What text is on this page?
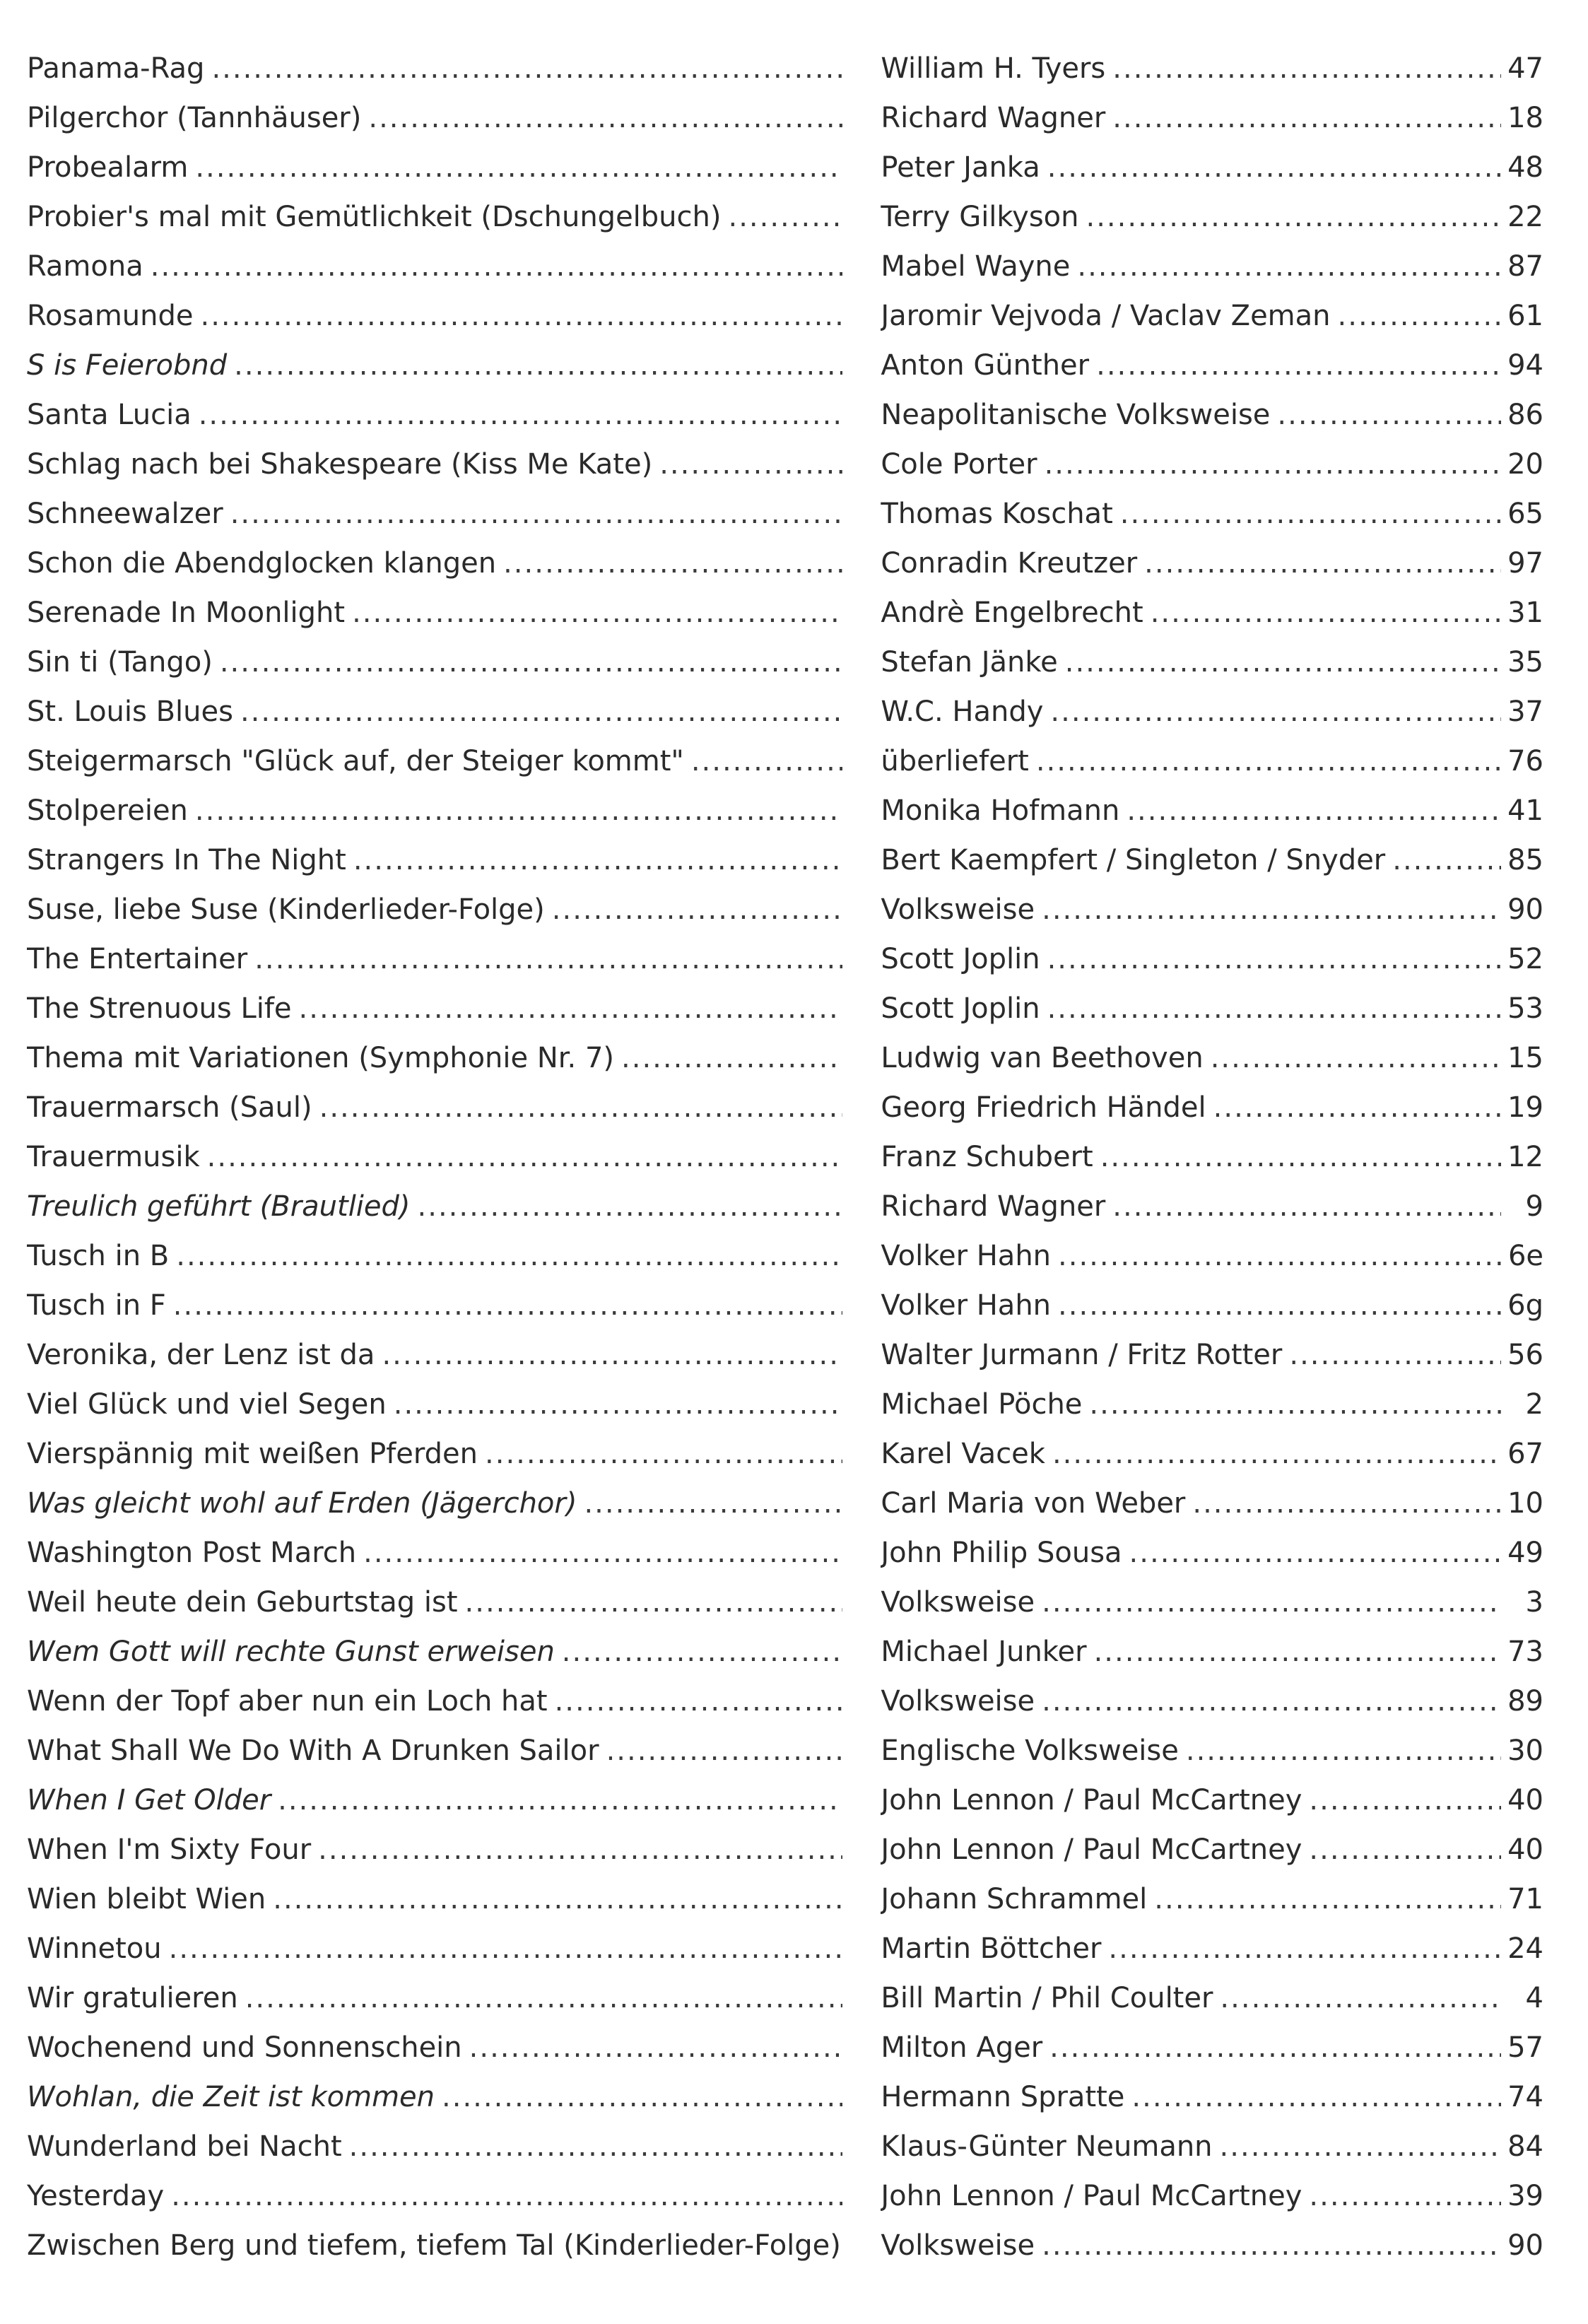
Panama-Rag .....	William H. Tyers .....	47
Pilgerchor (Tannhäuser) .....	Richard Wagner .....	18
Probealarm .....	Peter Janka .....	48
Probier's mal mit Gemütlichkeit (Dschungelbuch) .....	Terry Gilkyson .....	22
Ramona .....	Mabel Wayne .....	87
Rosamunde .....	Jaromir Vejvoda / Vaclav Zeman .....	61
S is Feierobnd .....	Anton Günther .....	94
Santa Lucia .....	Neapolitanische Volksweise .....	86
Schlag nach bei Shakespeare (Kiss Me Kate) .....	Cole Porter .....	20
Schneewalzer .....	Thomas Koschat .....	65
Schon die Abendglocken klangen .....	Conradin Kreutzer .....	97
Serenade In Moonlight .....	Andrè Engelbrecht .....	31
Sin ti (Tango) .....	Stefan Jänke .....	35
St. Louis Blues .....	W.C. Handy .....	37
Steigermarsch "Glück auf, der Steiger kommt" .....	überliefert .....	76
Stolpereien .....	Monika Hofmann .....	41
Strangers In The Night .....	Bert Kaempfert / Singleton / Snyder .....	85
Suse, liebe Suse (Kinderlieder-Folge) .....	Volksweise .....	90
The Entertainer .....	Scott Joplin .....	52
The Strenuous Life .....	Scott Joplin .....	53
Thema mit Variationen (Symphonie Nr. 7) .....	Ludwig van Beethoven .....	15
Trauermarsch (Saul) .....	Georg Friedrich Händel .....	19
Trauermusik .....	Franz Schubert .....	12
Treulich geführt (Brautlied) .....	Richard Wagner .....	9
Tusch in B .....	Volker Hahn .....	6e
Tusch in F .....	Volker Hahn .....	6g
Veronika, der Lenz ist da .....	Walter Jurmann / Fritz Rotter .....	56
Viel Glück und viel Segen .....	Michael Pöche .....	2
Vierspännig mit weißen Pferden .....	Karel Vacek .....	67
Was gleicht wohl auf Erden (Jägerchor) .....	Carl Maria von Weber .....	10
Washington Post March .....	John Philip Sousa .....	49
Weil heute dein Geburtstag ist .....	Volksweise .....	3
Wem Gott will rechte Gunst erweisen .....	Michael Junker .....	73
Wenn der Topf aber nun ein Loch hat .....	Volksweise .....	89
What Shall We Do With A Drunken Sailor .....	Englische Volksweise .....	30
When I Get Older .....	John Lennon / Paul McCartney .....	40
When I'm Sixty Four .....	John Lennon / Paul McCartney .....	40
Wien bleibt Wien .....	Johann Schrammel .....	71
Winnetou .....	Martin Böttcher .....	24
Wir gratulieren .....	Bill Martin / Phil Coulter .....	4
Wochenend und Sonnenschein .....	Milton Ager .....	57
Wohlan, die Zeit ist kommen .....	Hermann Spratte .....	74
Wunderland bei Nacht .....	Klaus-Günter Neumann .....	84
Yesterday .....	John Lennon / Paul McCartney .....	39
Zwischen Berg und tiefem, tiefem Tal (Kinderlieder-Folge) Volksweise .....	90
